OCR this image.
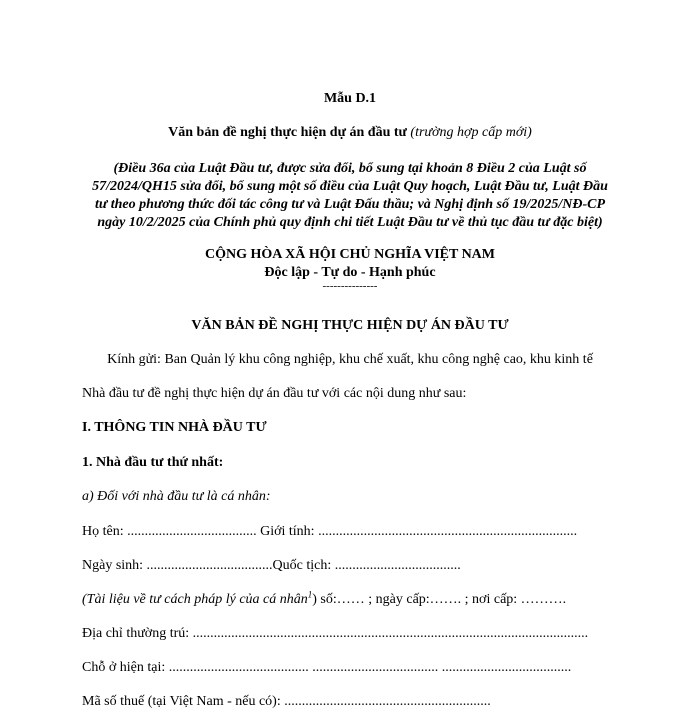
Mẫu D.1
Văn bản đề nghị thực hiện dự án đầu tư (trường hợp cấp mới)
(Điều 36a của Luật Đầu tư, được sửa đổi, bổ sung tại khoản 8 Điều 2 của Luật số
57/2024/QH15 sửa đổi, bổ sung một số điều của Luật Quy hoạch, Luật Đầu tư, Luật Đầu
tư theo phương thức đối tác công tư và Luật Đấu thầu; và Nghị định số 19/2025/NĐ-CP
ngày 10/2/2025 của Chính phủ quy định chi tiết Luật Đầu tư về thủ tục đầu tư đặc biệt)
CỘNG HÒA XÃ HỘI CHỦ NGHĨA VIỆT NAM
Độc lập - Tự do - Hạnh phúc
---------------
VĂN BẢN ĐỀ NGHỊ THỰC HIỆN DỰ ÁN ĐẦU TƯ
Kính gửi: Ban Quản lý khu công nghiệp, khu chế xuất, khu công nghệ cao, khu kinh tế
Nhà đầu tư đề nghị thực hiện dự án đầu tư với các nội dung như sau:
I. THÔNG TIN NHÀ ĐẦU TƯ
1. Nhà đầu tư thứ nhất:
a) Đối với nhà đầu tư là cá nhân:
Họ tên: ..................................... Giới tính: ..........................................................................
Ngày sinh: ....................................Quốc tịch: ....................................
(Tài liệu về tư cách pháp lý của cá nhân$^1$) số:…… ; ngày cấp:……. ; nơi cấp: ……….
Địa chỉ thường trú: .................................................................................................................
Chỗ ở hiện tại: ........................................ .................................... .....................................
Mã số thuế (tại Việt Nam - nếu có): ...........................................................
